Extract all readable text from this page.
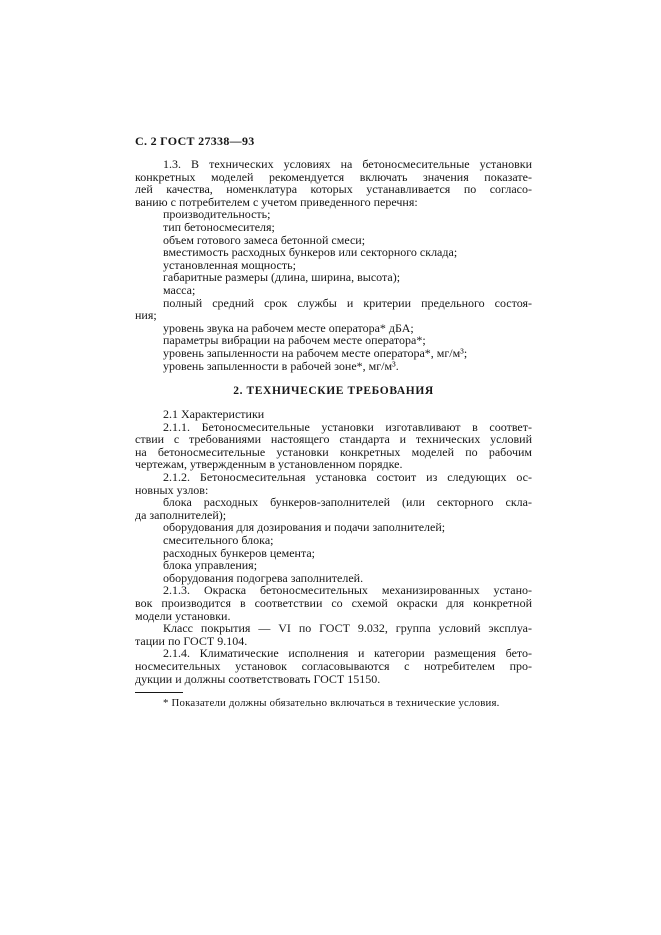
С. 2 ГОСТ 27338—93
1.3. В технических условиях на бетоносмесительные установки
конкретных моделей рекомендуется включать значения показате-
лей качества, номенклатура которых устанавливается по согласо-
ванию с потребителем с учетом приведенного перечня:
производительность;
тип бетоносмесителя;
объем готового замеса бетонной смеси;
вместимость расходных бункеров или секторного склада;
установленная мощность;
габаритные размеры (длина, ширина, высота);
масса;
полный средний срок службы и критерии предельного состоя-
ния;
уровень звука на рабочем месте оператора* дБА;
параметры вибрации на рабочем месте оператора*;
уровень запыленности на рабочем месте оператора*, мг/м³;
уровень запыленности в рабочей зоне*, мг/м³.
2. ТЕХНИЧЕСКИЕ ТРЕБОВАНИЯ
2.1 Характеристики
2.1.1. Бетоносмесительные установки изготавливают в соответ-
ствии с требованиями настоящего стандарта и технических условий
на бетоносмесительные установки конкретных моделей по рабочим
чертежам, утвержденным в установленном порядке.
2.1.2. Бетоносмесительная установка состоит из следующих ос-
новных узлов:
блока расходных бункеров-заполнителей (или секторного скла-
да заполнителей);
оборудования для дозирования и подачи заполнителей;
смесительного блока;
расходных бункеров цемента;
блока управления;
оборудования подогрева заполнителей.
2.1.3. Окраска бетоносмесительных механизированных устано-
вок производится в соответствии со схемой окраски для конкретной
модели установки.
Класс покрытия — VI по ГОСТ 9.032, группа условий эксплуа-
тации по ГОСТ 9.104.
2.1.4. Климатические исполнения и категории размещения бето-
носмесительных установок согласовываются с нотребителем про-
дукции и должны соответствовать ГОСТ 15150.
* Показатели должны обязательно включаться в технические условия.
